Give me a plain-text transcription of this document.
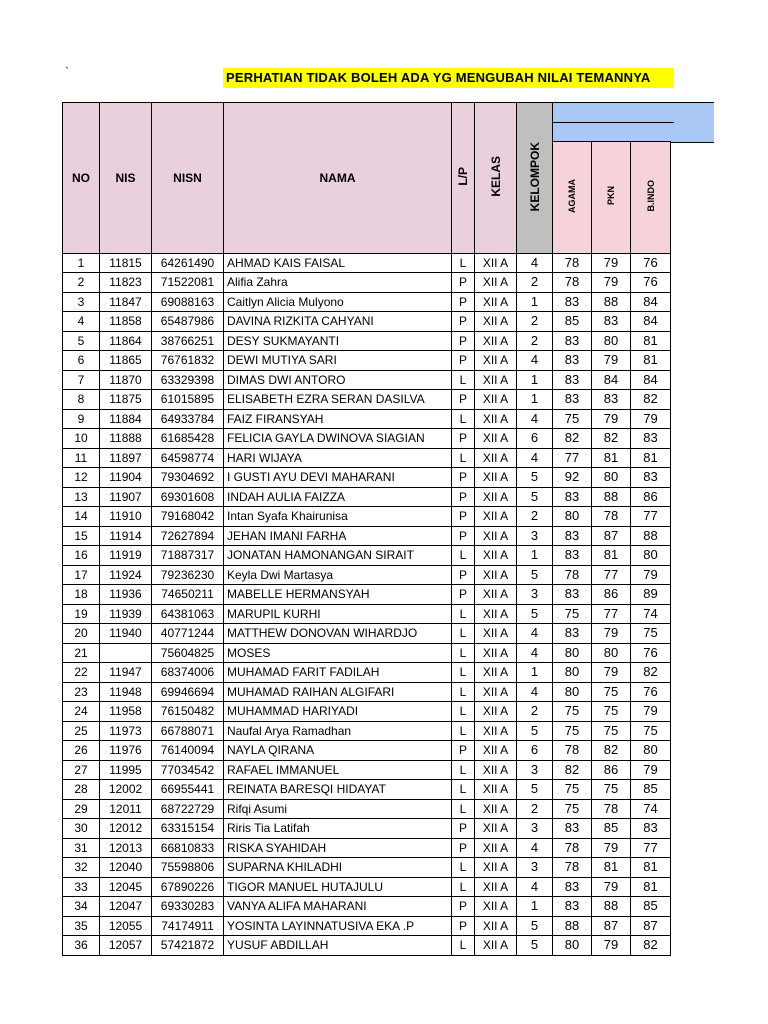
`	PERHATIAN TIDAK BOLEH ADA YG MENGUBAH NILAI TEMANNYA
NO	NIS	NISN	NAMA	L/P	KELAS	KELOMPOK			
							AGAMA	PKN	B.INDO
1	11815	64261490	AHMAD KAIS FAISAL	L	XII A	4	78	79	76
2	11823	71522081	Alifia Zahra	P	XII A	2	78	79	76
3	11847	69088163	Caitlyn Alicia Mulyono	P	XII A	1	83	88	84
4	11858	65487986	DAVINA RIZKITA CAHYANI	P	XII A	2	85	83	84
5	11864	38766251	DESY SUKMAYANTI	P	XII A	2	83	80	81
6	11865	76761832	DEWI MUTIYA SARI	P	XII A	4	83	79	81
7	11870	63329398	DIMAS DWI ANTORO	L	XII A	1	83	84	84
8	11875	61015895	ELISABETH EZRA SERAN DASILVA	P	XII A	1	83	83	82
9	11884	64933784	FAIZ FIRANSYAH	L	XII A	4	75	79	79
10	11888	61685428	FELICIA GAYLA DWINOVA SIAGIAN	P	XII A	6	82	82	83
11	11897	64598774	HARI WIJAYA	L	XII A	4	77	81	81
12	11904	79304692	I GUSTI AYU DEVI MAHARANI	P	XII A	5	92	80	83
13	11907	69301608	INDAH AULIA FAIZZA	P	XII A	5	83	88	86
14	11910	79168042	Intan Syafa Khairunisa	P	XII A	2	80	78	77
15	11914	72627894	JEHAN IMANI FARHA	P	XII A	3	83	87	88
16	11919	71887317	JONATAN HAMONANGAN SIRAIT	L	XII A	1	83	81	80
17	11924	79236230	Keyla Dwi Martasya	P	XII A	5	78	77	79
18	11936	74650211	MABELLE HERMANSYAH	P	XII A	3	83	86	89
19	11939	64381063	MARUPIL KURHI	L	XII A	5	75	77	74
20	11940	40771244	MATTHEW DONOVAN WIHARDJO	L	XII A	4	83	79	75
21		75604825	MOSES	L	XII A	4	80	80	76
22	11947	68374006	MUHAMAD FARIT FADILAH	L	XII A	1	80	79	82
23	11948	69946694	MUHAMAD RAIHAN ALGIFARI	L	XII A	4	80	75	76
24	11958	76150482	MUHAMMAD HARIYADI	L	XII A	2	75	75	79
25	11973	66788071	Naufal Arya Ramadhan	L	XII A	5	75	75	75
26	11976	76140094	NAYLA QIRANA	P	XII A	6	78	82	80
27	11995	77034542	RAFAEL IMMANUEL	L	XII A	3	82	86	79
28	12002	66955441	REINATA BARESQI HIDAYAT	L	XII A	5	75	75	85
29	12011	68722729	Rifqi Asumi	L	XII A	2	75	78	74
30	12012	63315154	Riris Tia Latifah	P	XII A	3	83	85	83
31	12013	66810833	RISKA SYAHIDAH	P	XII A	4	78	79	77
32	12040	75598806	SUPARNA KHILADHI	L	XII A	3	78	81	81
33	12045	67890226	TIGOR MANUEL HUTAJULU	L	XII A	4	83	79	81
34	12047	69330283	VANYA ALIFA MAHARANI	P	XII A	1	83	88	85
35	12055	74174911	YOSINTA LAYINNATUSIVA EKA .P	P	XII A	5	88	87	87
36	12057	57421872	YUSUF ABDILLAH	L	XII A	5	80	79	82
